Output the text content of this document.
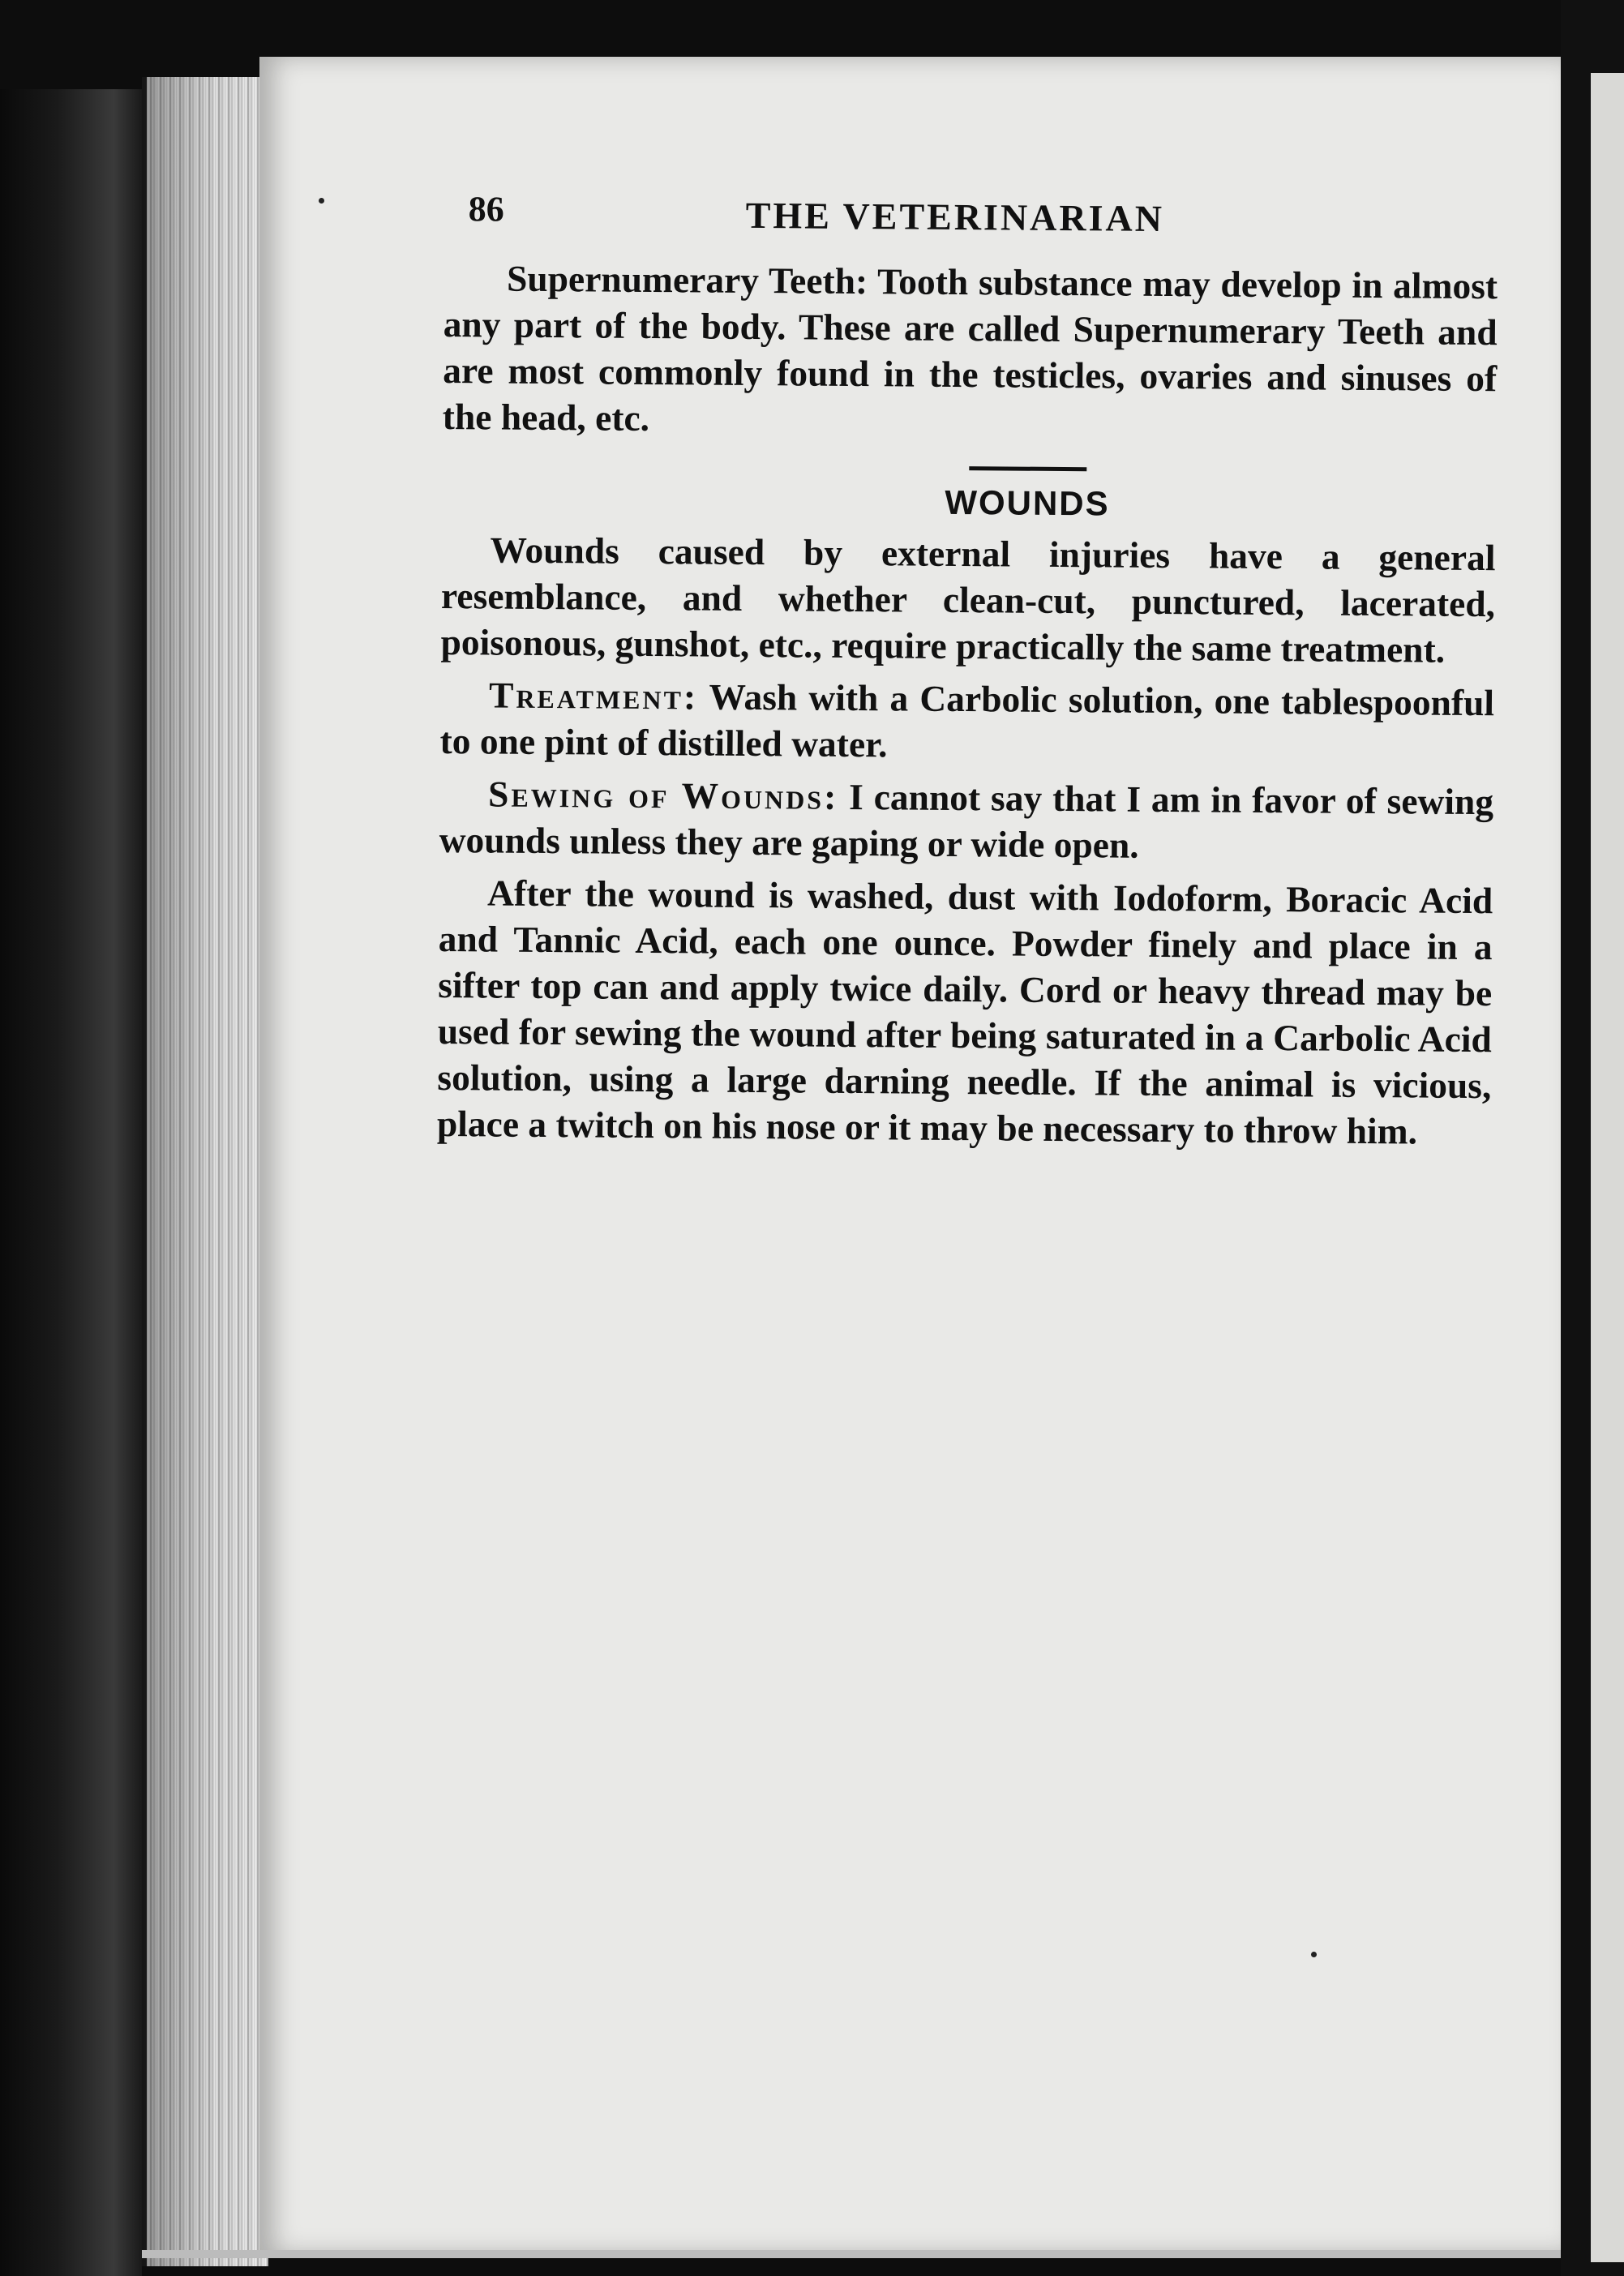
86	THE VETERINARIAN

Supernumerary Teeth: Tooth substance may develop in almost any part of the body. These are called Supernumerary Teeth and are most commonly found in the testicles, ovaries and sinuses of the head, etc.

WOUNDS

Wounds caused by external injuries have a general resemblance, and whether clean-cut, punctured, lacerated, poisonous, gunshot, etc., require practically the same treatment.

Treatment: Wash with a Carbolic solution, one tablespoonful to one pint of distilled water.

Sewing of Wounds: I cannot say that I am in favor of sewing wounds unless they are gaping or wide open.

After the wound is washed, dust with Iodoform, Boracic Acid and Tannic Acid, each one ounce. Powder finely and place in a sifter top can and apply twice daily. Cord or heavy thread may be used for sewing the wound after being saturated in a Carbolic Acid solution, using a large darning needle. If the animal is vicious, place a twitch on his nose or it may be necessary to throw him.
